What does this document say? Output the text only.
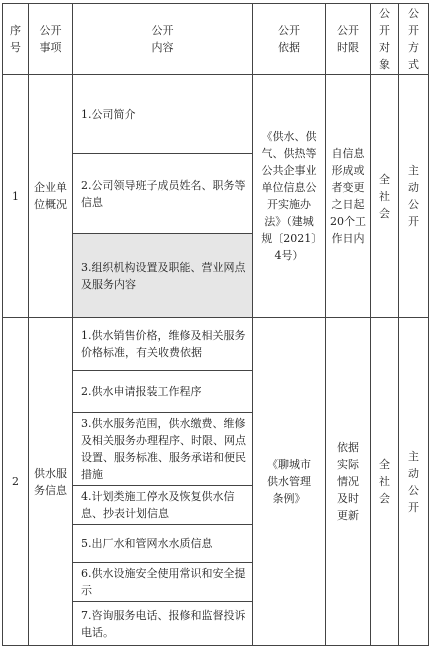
序号	公开事项	公开内容	公开依据	公开时限	公开对象	公开方式
1	企业单位概况	1.公司简介	《供水、供气、供热等公共企事业单位信息公开实施办法》（建城规〔2021〕4号）	自信息形成或者变更之日起20个工作日内	全社会	主动公开
		2.公司领导班子成员姓名、职务等信息				
		3.组织机构设置及职能、营业网点及服务内容				
2	供水服务信息	1.供水销售价格，维修及相关服务价格标准，有关收费依据	《聊城市供水管理条例》	依据实际情况及时更新	全社会	主动公开
		2.供水申请报装工作程序				
		3.供水服务范围，供水缴费、维修及相关服务办理程序、时限、网点设置、服务标准、服务承诺和便民措施				
		4.计划类施工停水及恢复供水信息、抄表计划信息				
		5.出厂水和管网水水质信息				
		6.供水设施安全使用常识和安全提示				
		7.咨询服务电话、报修和监督投诉电话。				
